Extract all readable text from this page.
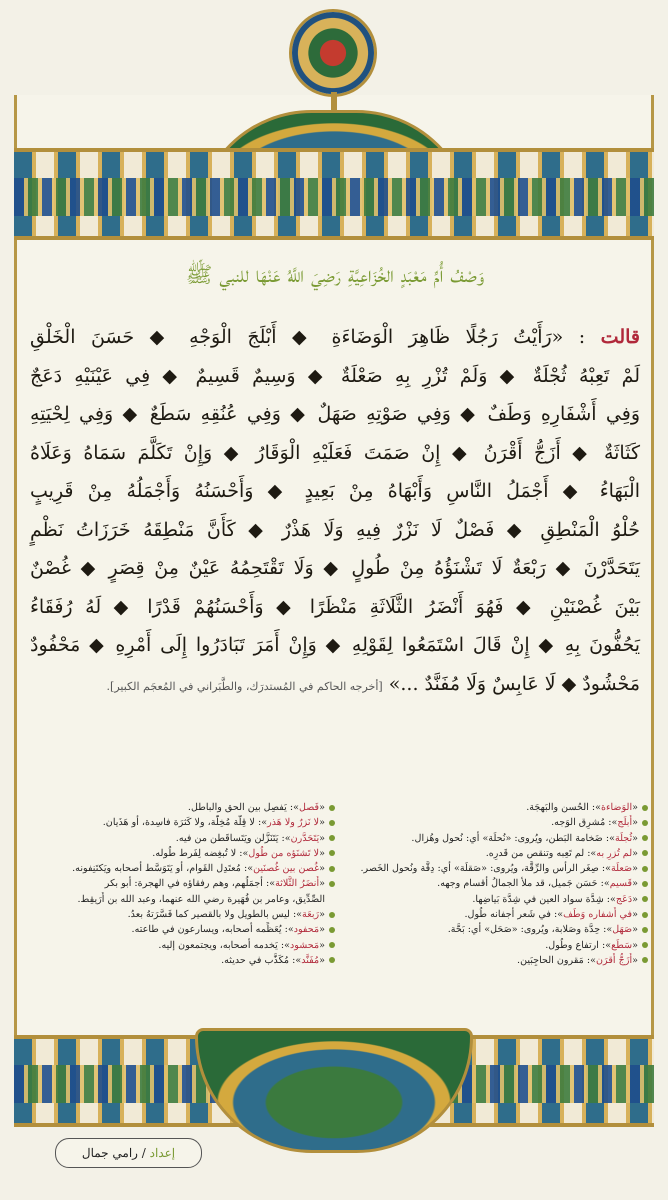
وَصْفُ أُمِّ مَعْبَدٍ الخُزَاعِيَّةِ رَضِيَ اللَّهُ عَنْهَا للنبي ﷺ
قالت : «رَأَيْتُ رَجُلًا ظَاهِرَ الْوَضَاءَةِ ◆ أَبْلَجَ الْوَجْهِ ◆ حَسَنَ الْخَلْقِ
لَمْ تَعِبْهُ ثُجْلَةٌ ◆ وَلَمْ تُزْرِ بِهِ صَعْلَةٌ ◆ وَسِيمٌ قَسِيمٌ ◆ فِي عَيْنَيْهِ دَعَجٌ
وَفِي أَشْفَارِهِ وَطَفٌ ◆ وَفِي صَوْتِهِ صَهَلٌ ◆ وَفِي عُنُقِهِ سَطَعٌ ◆ وَفِي لِحْيَتِهِ
كَثَاثَةٌ ◆ أَزَجُّ أَقْرَنُ ◆ إِنْ صَمَتَ فَعَلَيْهِ الْوَقَارُ ◆ وَإِنْ تَكَلَّمَ سَمَاهُ وَعَلَاهُ
الْبَهَاءُ ◆ أَجْمَلُ النَّاسِ وَأَبْهَاهُ مِنْ بَعِيدٍ ◆ وَأَحْسَنُهُ وَأَجْمَلُهُ مِنْ قَرِيبٍ
حُلْوُ الْمَنْطِقِ ◆ فَصْلٌ لَا نَزْرٌ فِيهِ وَلَا هَذْرٌ ◆ كَأَنَّ مَنْطِقَهُ خَرَزَاتُ نَظْمٍ
يَتَحَدَّرْنَ ◆ رَبْعَةٌ لَا تَشْنَؤُهُ مِنْ طُولٍ ◆ وَلَا تَقْتَحِمُهُ عَيْنٌ مِنْ قِصَرٍ ◆ غُصْنٌ
بَيْنَ غُصْنَيْنِ ◆ فَهُوَ أَنْضَرُ الثَّلَاثَةِ مَنْظَرًا ◆ وَأَحْسَنُهُمْ قَدْرًا ◆ لَهُ رُفَقَاءُ
يَحُفُّونَ بِهِ ◆ إِنْ قَالَ اسْتَمَعُوا لِقَوْلِهِ ◆ وَإِنْ أَمَرَ تَبَادَرُوا إِلَى أَمْرِهِ ◆ مَحْفُودٌ
مَحْشُودٌ ◆ لَا عَابِسٌ وَلَا مُفَنَّدٌ ...» [أخرجه الحاكم في المُستدرَك، والطَّبَراني في المُعجَم الكبير].
«الوَضاءة»: الحُسن والبَهجَة.
«أَبلَج»: مُشرِق الوَجه.
«ثُجلَة»: ضَخامة البَطن، ويُروى: «نُحلَة» أي: نُحول وهُزال.
«لم تُزرِ به»: لم تَعِبه وتنقص من قَدرِه.
«صَعلَة»: صِغَر الرأس والرِّقَّة، ويُروى: «صَقلَة» أي: دِقَّة ونُحول الخَصر.
«قَسيم»: حَسَن جَميل، قد ملأ الجمالُ أقسام وجهه.
«دَعَج»: شِدَّة سواد العين في شِدَّة بَياضِها.
«في أَشفاره وَطَف»: في شَعر أجفانه طُول.
«صَهَل»: حِدَّة وصَلابة، ويُروى: «صَحَل» أي: بَحَّة.
«سَطَع»: ارتفاع وطُول.
«أَزَجُّ أَقرَن»: مَقرون الحاجِبَين.
«فَصل»: يَفصِل بين الحق والباطل.
«لا نَزرٌ ولا هَذر»: لا قِلَّة مُخِلَّة، ولا كَثرَة فاسِدة، أو هَذَيان.
«يَتَحَدَّرن»: يَتَنَزَّلن ويَتَساقَطن من فيه.
«لا تَشنَؤه من طُول»: لا تُبغِضه لِفَرط طُوله.
«غُصن بين غُصنَين»: مُعتَدِل القَوام، أو يَتَوَسَّط أصحابه ويَكتَنِفونه.
«أَنضَرُ الثَّلاثة»: أجمَلُهم، وهم رفقاؤه في الهجرة: أبو بكر
الصِّدِّيق، وعامر بن فُهَيرة رضي الله عنهما، وعبد الله بن أُرَيقِط.
«رَبعَة»: ليس بالطويل ولا بالقصير كما فَسَّرَتهُ بعدُ.
«مَحفود»: يُعَظِّمه أصحابه، ويسارعون في طاعته.
«مَحشود»: يَخدمه أصحابه، ويجتمعون إليه.
«مُفَنَّد»: مُكَذَّب في حديثه.
إعداد / رامي جمال
